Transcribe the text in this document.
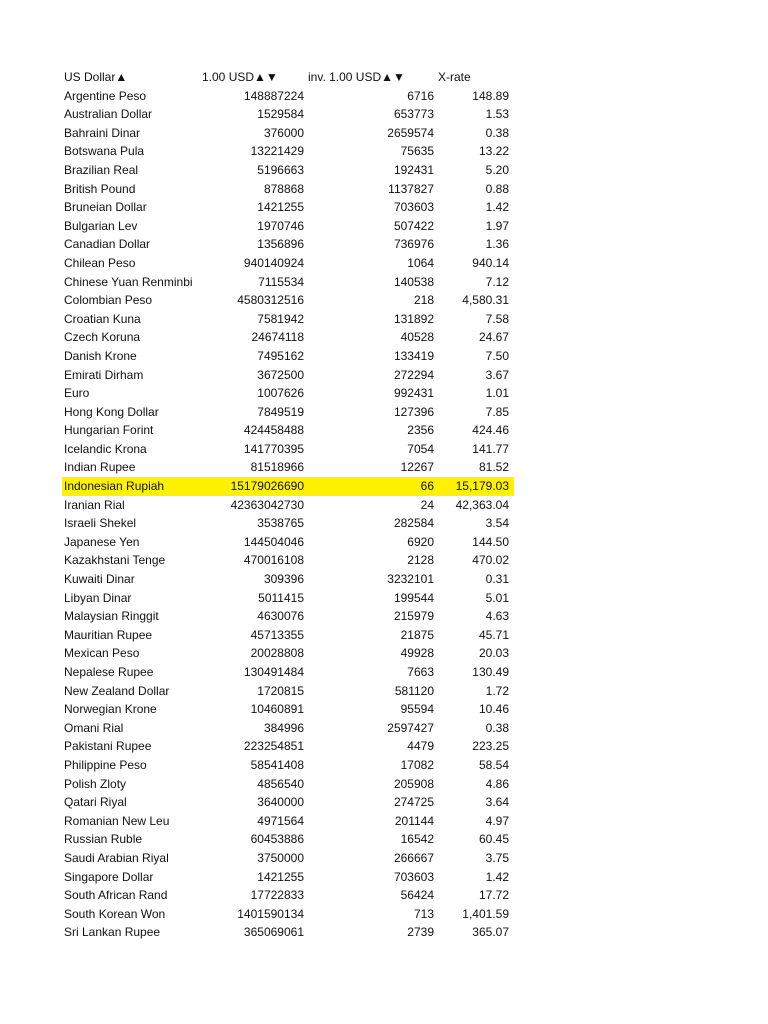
US Dollar▲	1.00 USD▲▼	inv. 1.00 USD▲▼	X-rate
Argentine Peso	148887224	6716	148.89
Australian Dollar	1529584	653773	1.53
Bahraini Dinar	376000	2659574	0.38
Botswana Pula	13221429	75635	13.22
Brazilian Real	5196663	192431	5.20
British Pound	878868	1137827	0.88
Bruneian Dollar	1421255	703603	1.42
Bulgarian Lev	1970746	507422	1.97
Canadian Dollar	1356896	736976	1.36
Chilean Peso	940140924	1064	940.14
Chinese Yuan Renminbi	7115534	140538	7.12
Colombian Peso	4580312516	218	4,580.31
Croatian Kuna	7581942	131892	7.58
Czech Koruna	24674118	40528	24.67
Danish Krone	7495162	133419	7.50
Emirati Dirham	3672500	272294	3.67
Euro	1007626	992431	1.01
Hong Kong Dollar	7849519	127396	7.85
Hungarian Forint	424458488	2356	424.46
Icelandic Krona	141770395	7054	141.77
Indian Rupee	81518966	12267	81.52
Indonesian Rupiah	15179026690	66	15,179.03
Iranian Rial	42363042730	24	42,363.04
Israeli Shekel	3538765	282584	3.54
Japanese Yen	144504046	6920	144.50
Kazakhstani Tenge	470016108	2128	470.02
Kuwaiti Dinar	309396	3232101	0.31
Libyan Dinar	5011415	199544	5.01
Malaysian Ringgit	4630076	215979	4.63
Mauritian Rupee	45713355	21875	45.71
Mexican Peso	20028808	49928	20.03
Nepalese Rupee	130491484	7663	130.49
New Zealand Dollar	1720815	581120	1.72
Norwegian Krone	10460891	95594	10.46
Omani Rial	384996	2597427	0.38
Pakistani Rupee	223254851	4479	223.25
Philippine Peso	58541408	17082	58.54
Polish Zloty	4856540	205908	4.86
Qatari Riyal	3640000	274725	3.64
Romanian New Leu	4971564	201144	4.97
Russian Ruble	60453886	16542	60.45
Saudi Arabian Riyal	3750000	266667	3.75
Singapore Dollar	1421255	703603	1.42
South African Rand	17722833	56424	17.72
South Korean Won	1401590134	713	1,401.59
Sri Lankan Rupee	365069061	2739	365.07
